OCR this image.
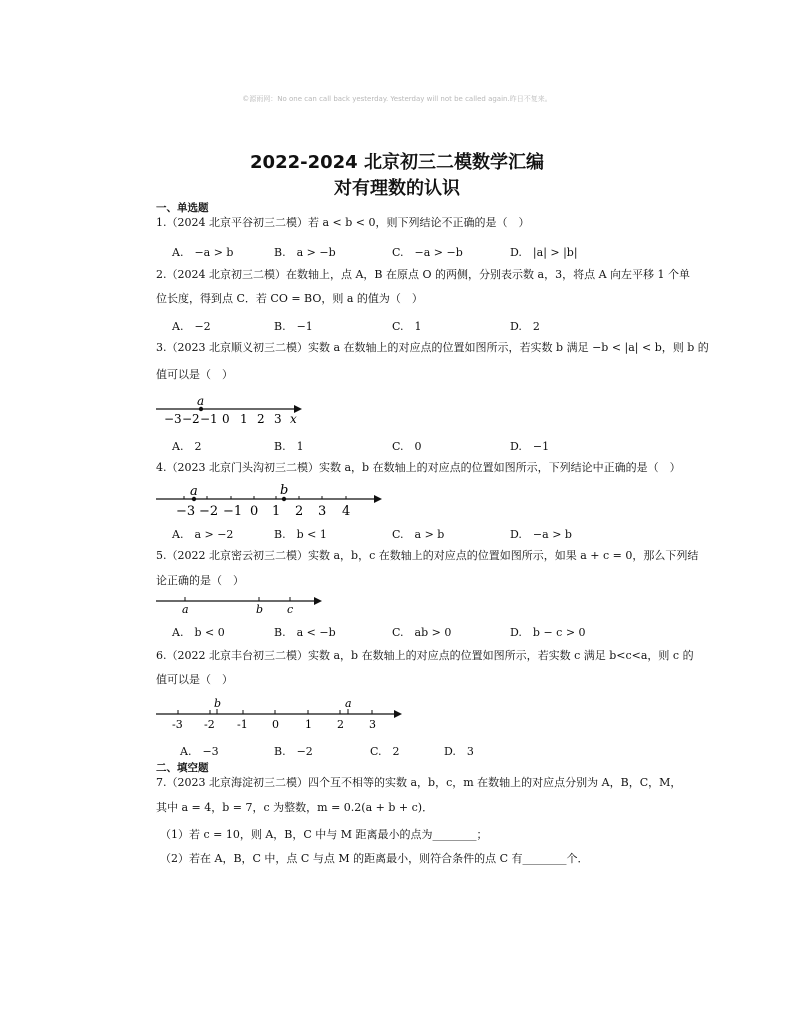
©源雨网：No one can call back yesterday. Yesterday will not be called again.昨日不复来。
2022-2024 北京初三二模数学汇编
对有理数的认识
一、单选题
1.（2024 北京平谷初三二模）若 a < b < 0，则下列结论不正确的是（　）
A.　−a > b	B.　a > −b	C.　−a > −b	D.　|a| > |b|
2.（2024 北京初三二模）在数轴上，点 A，B 在原点 O 的两侧，分别表示数 a，3，将点 A 向左平移 1 个单
位长度，得到点 C．若 CO = BO，则 a 的值为（　）
A.　−2	B.　−1	C.　1	D.　2
3.（2023 北京顺义初三二模）实数 a 在数轴上的对应点的位置如图所示，若实数 b 满足 −b < |a| < b，则 b 的
值可以是（　）
a
−3 −2 −1 0 1 2 3 x
A.　2	B.　1	C.　0	D.　−1
4.（2023 北京门头沟初三二模）实数 a，b 在数轴上的对应点的位置如图所示，下列结论中正确的是（　）
a	b
−3 −2 −1 0 1 2 3 4
A.　a > −2	B.　b < 1	C.　a > b	D.　−a > b
5.（2022 北京密云初三二模）实数 a，b，c 在数轴上的对应点的位置如图所示，如果 a + c = 0，那么下列结
论正确的是（　）
a	b c
A.　b < 0	B.　a < −b	C.　ab > 0	D.　b − c > 0
6.（2022 北京丰台初三二模）实数 a，b 在数轴上的对应点的位置如图所示，若实数 c 满足 b<c<a，则 c 的
值可以是（　）
b	a
-3 -2 -1 0 1 2 3
A.　−3	B.　−2	C.　2	D.　3
二、填空题
7.（2023 北京海淀初三二模）四个互不相等的实数 a，b，c，m 在数轴上的对应点分别为 A，B，C，M，
其中 a = 4，b = 7，c 为整数，m = 0.2(a + b + c)．
（1）若 c = 10，则 A，B，C 中与 M 距离最小的点为________；
（2）若在 A，B，C 中，点 C 与点 M 的距离最小，则符合条件的点 C 有________个．
